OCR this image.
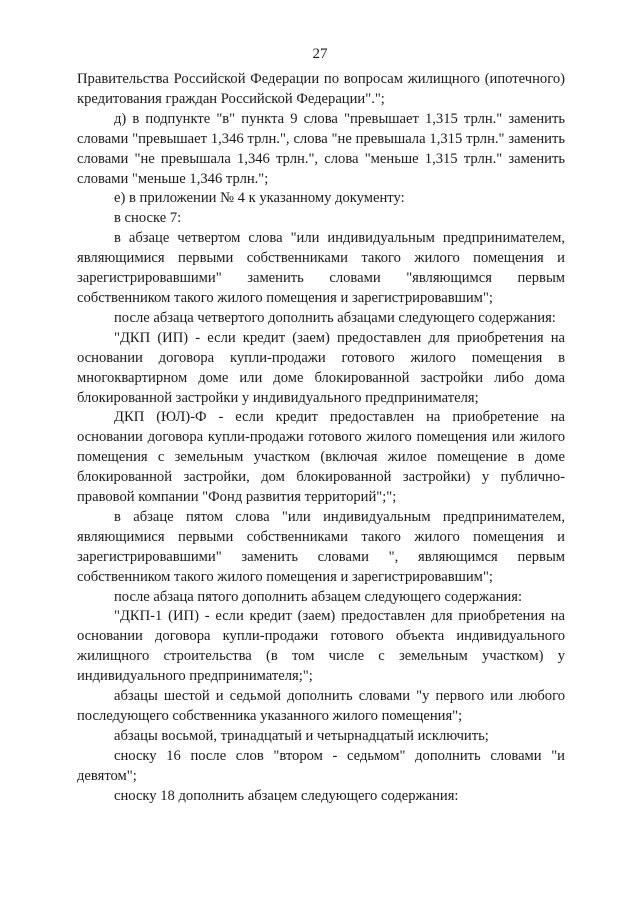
27

Правительства Российской Федерации по вопросам жилищного (ипотечного) кредитования граждан Российской Федерации".";

д) в подпункте "в" пункта 9 слова "превышает 1,315 трлн." заменить словами "превышает 1,346 трлн.", слова "не превышала 1,315 трлн." заменить словами "не превышала 1,346 трлн.", слова "меньше 1,315 трлн." заменить словами "меньше 1,346 трлн.";

е) в приложении № 4 к указанному документу:

в сноске 7:

в абзаце четвертом слова "или индивидуальным предпринимателем, являющимися первыми собственниками такого жилого помещения и зарегистрировавшими" заменить словами "являющимся первым собственником такого жилого помещения и зарегистрировавшим";

после абзаца четвертого дополнить абзацами следующего содержания:

"ДКП (ИП) - если кредит (заем) предоставлен для приобретения на основании договора купли-продажи готового жилого помещения в многоквартирном доме или доме блокированной застройки либо дома блокированной застройки у индивидуального предпринимателя;

ДКП (ЮЛ)-Ф - если кредит предоставлен на приобретение на основании договора купли-продажи готового жилого помещения или жилого помещения с земельным участком (включая жилое помещение в доме блокированной застройки, дом блокированной застройки) у публично-правовой компании "Фонд развития территорий";";

в абзаце пятом слова "или индивидуальным предпринимателем, являющимися первыми собственниками такого жилого помещения и зарегистрировавшими" заменить словами ", являющимся первым собственником такого жилого помещения и зарегистрировавшим";

после абзаца пятого дополнить абзацем следующего содержания:

"ДКП-1 (ИП) - если кредит (заем) предоставлен для приобретения на основании договора купли-продажи готового объекта индивидуального жилищного строительства (в том числе с земельным участком) у индивидуального предпринимателя;";

абзацы шестой и седьмой дополнить словами "у первого или любого последующего собственника указанного жилого помещения";

абзацы восьмой, тринадцатый и четырнадцатый исключить;

сноску 16 после слов "втором - седьмом" дополнить словами "и девятом";

сноску 18 дополнить абзацем следующего содержания:
